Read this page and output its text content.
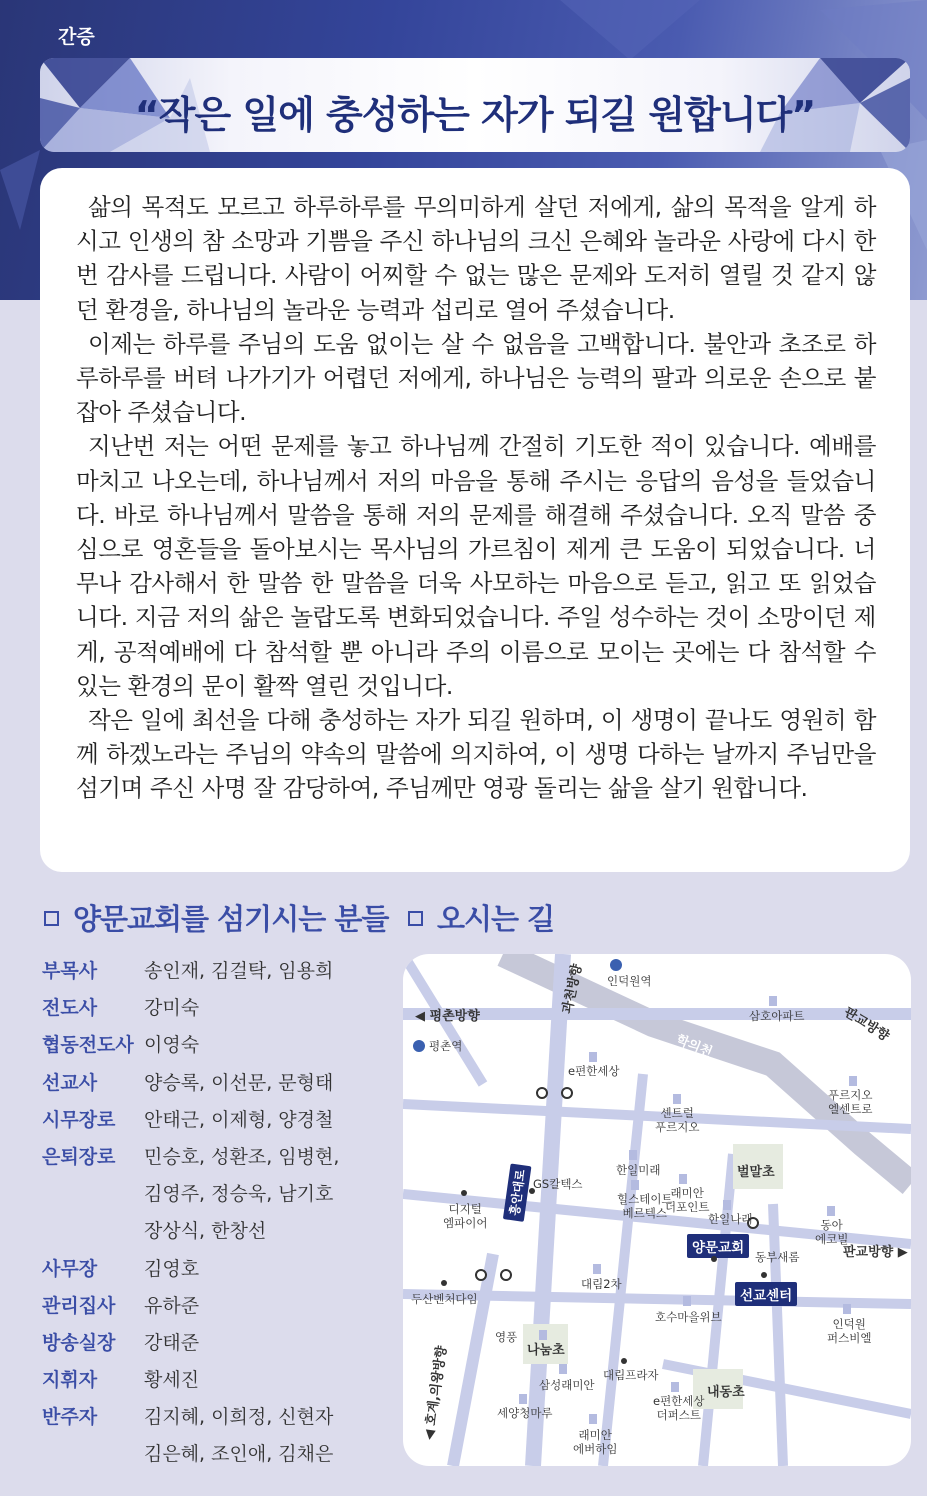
간증
“작은 일에 충성하는 자가 되길 원합니다”

삶의 목적도 모르고 하루하루를 무의미하게 살던 저에게, 삶의 목적을 알게 하시고 인생의 참 소망과 기쁨을 주신 하나님의 크신 은혜와 놀라운 사랑에 다시 한 번 감사를 드립니다. 사람이 어찌할 수 없는 많은 문제와 도저히 열릴 것 같지 않던 환경을, 하나님의 놀라운 능력과 섭리로 열어 주셨습니다.

이제는 하루를 주님의 도움 없이는 살 수 없음을 고백합니다. 불안과 초조로 하루하루를 버텨 나가기가 어렵던 저에게, 하나님은 능력의 팔과 의로운 손으로 붙잡아 주셨습니다.

지난번 저는 어떤 문제를 놓고 하나님께 간절히 기도한 적이 있습니다. 예배를 마치고 나오는데, 하나님께서 저의 마음을 통해 주시는 응답의 음성을 들었습니다. 바로 하나님께서 말씀을 통해 저의 문제를 해결해 주셨습니다. 오직 말씀 중심으로 영혼들을 돌아보시는 목사님의 가르침이 제게 큰 도움이 되었습니다. 너무나 감사해서 한 말씀 한 말씀을 더욱 사모하는 마음으로 듣고, 읽고 또 읽었습니다. 지금 저의 삶은 놀랍도록 변화되었습니다. 주일 성수하는 것이 소망이던 제게, 공적예배에 다 참석할 뿐 아니라 주의 이름으로 모이는 곳에는 다 참석할 수 있는 환경의 문이 활짝 열린 것입니다.

작은 일에 최선을 다해 충성하는 자가 되길 원하며, 이 생명이 끝나도 영원히 함께 하겠노라는 주님의 약속의 말씀에 의지하여, 이 생명 다하는 날까지 주님만을 섬기며 주신 사명 잘 감당하여, 주님께만 영광 돌리는 삶을 살기 원합니다.

양문교회를 섬기시는 분들	오시는 길
부목사 송인재, 김걸탁, 임용희
전도사 강미숙
협동전도사 이영숙
선교사 양승록, 이선문, 문형태
시무장로 안태근, 이제형, 양경철
은퇴장로 민승호, 성환조, 임병현,
김영주, 정승욱, 남기호
장상식, 한창선
사무장 김영호
관리집사 유하준
방송실장 강태준
지휘자 황세진
반주자 김지혜, 이희정, 신현자
김은혜, 조인애, 김채은
◀ 평촌방향
과천방향
판교방향
판교방향 ▶
◀ 호계,의왕방향
인덕원역
평촌역	학의천
흥안대로
삼호아파트
e편한세상
푸르지오
엘센트로
센트럴
푸르지오
한일미래	벌말초
GS칼텍스
디지털
엠파이어
힐스테이트
베르텍스
래미안
더포인트
한일나래	동아
에코빌
양문교회
동부새롬
선교센터
대림2차
두산벤처다임
호수마을위브	인덕원
퍼스비엘
영풍
나눔초
대림프라자
삼성래미안
e편한세상
더퍼스트
내동초
세양청마루
래미안
에버하임
